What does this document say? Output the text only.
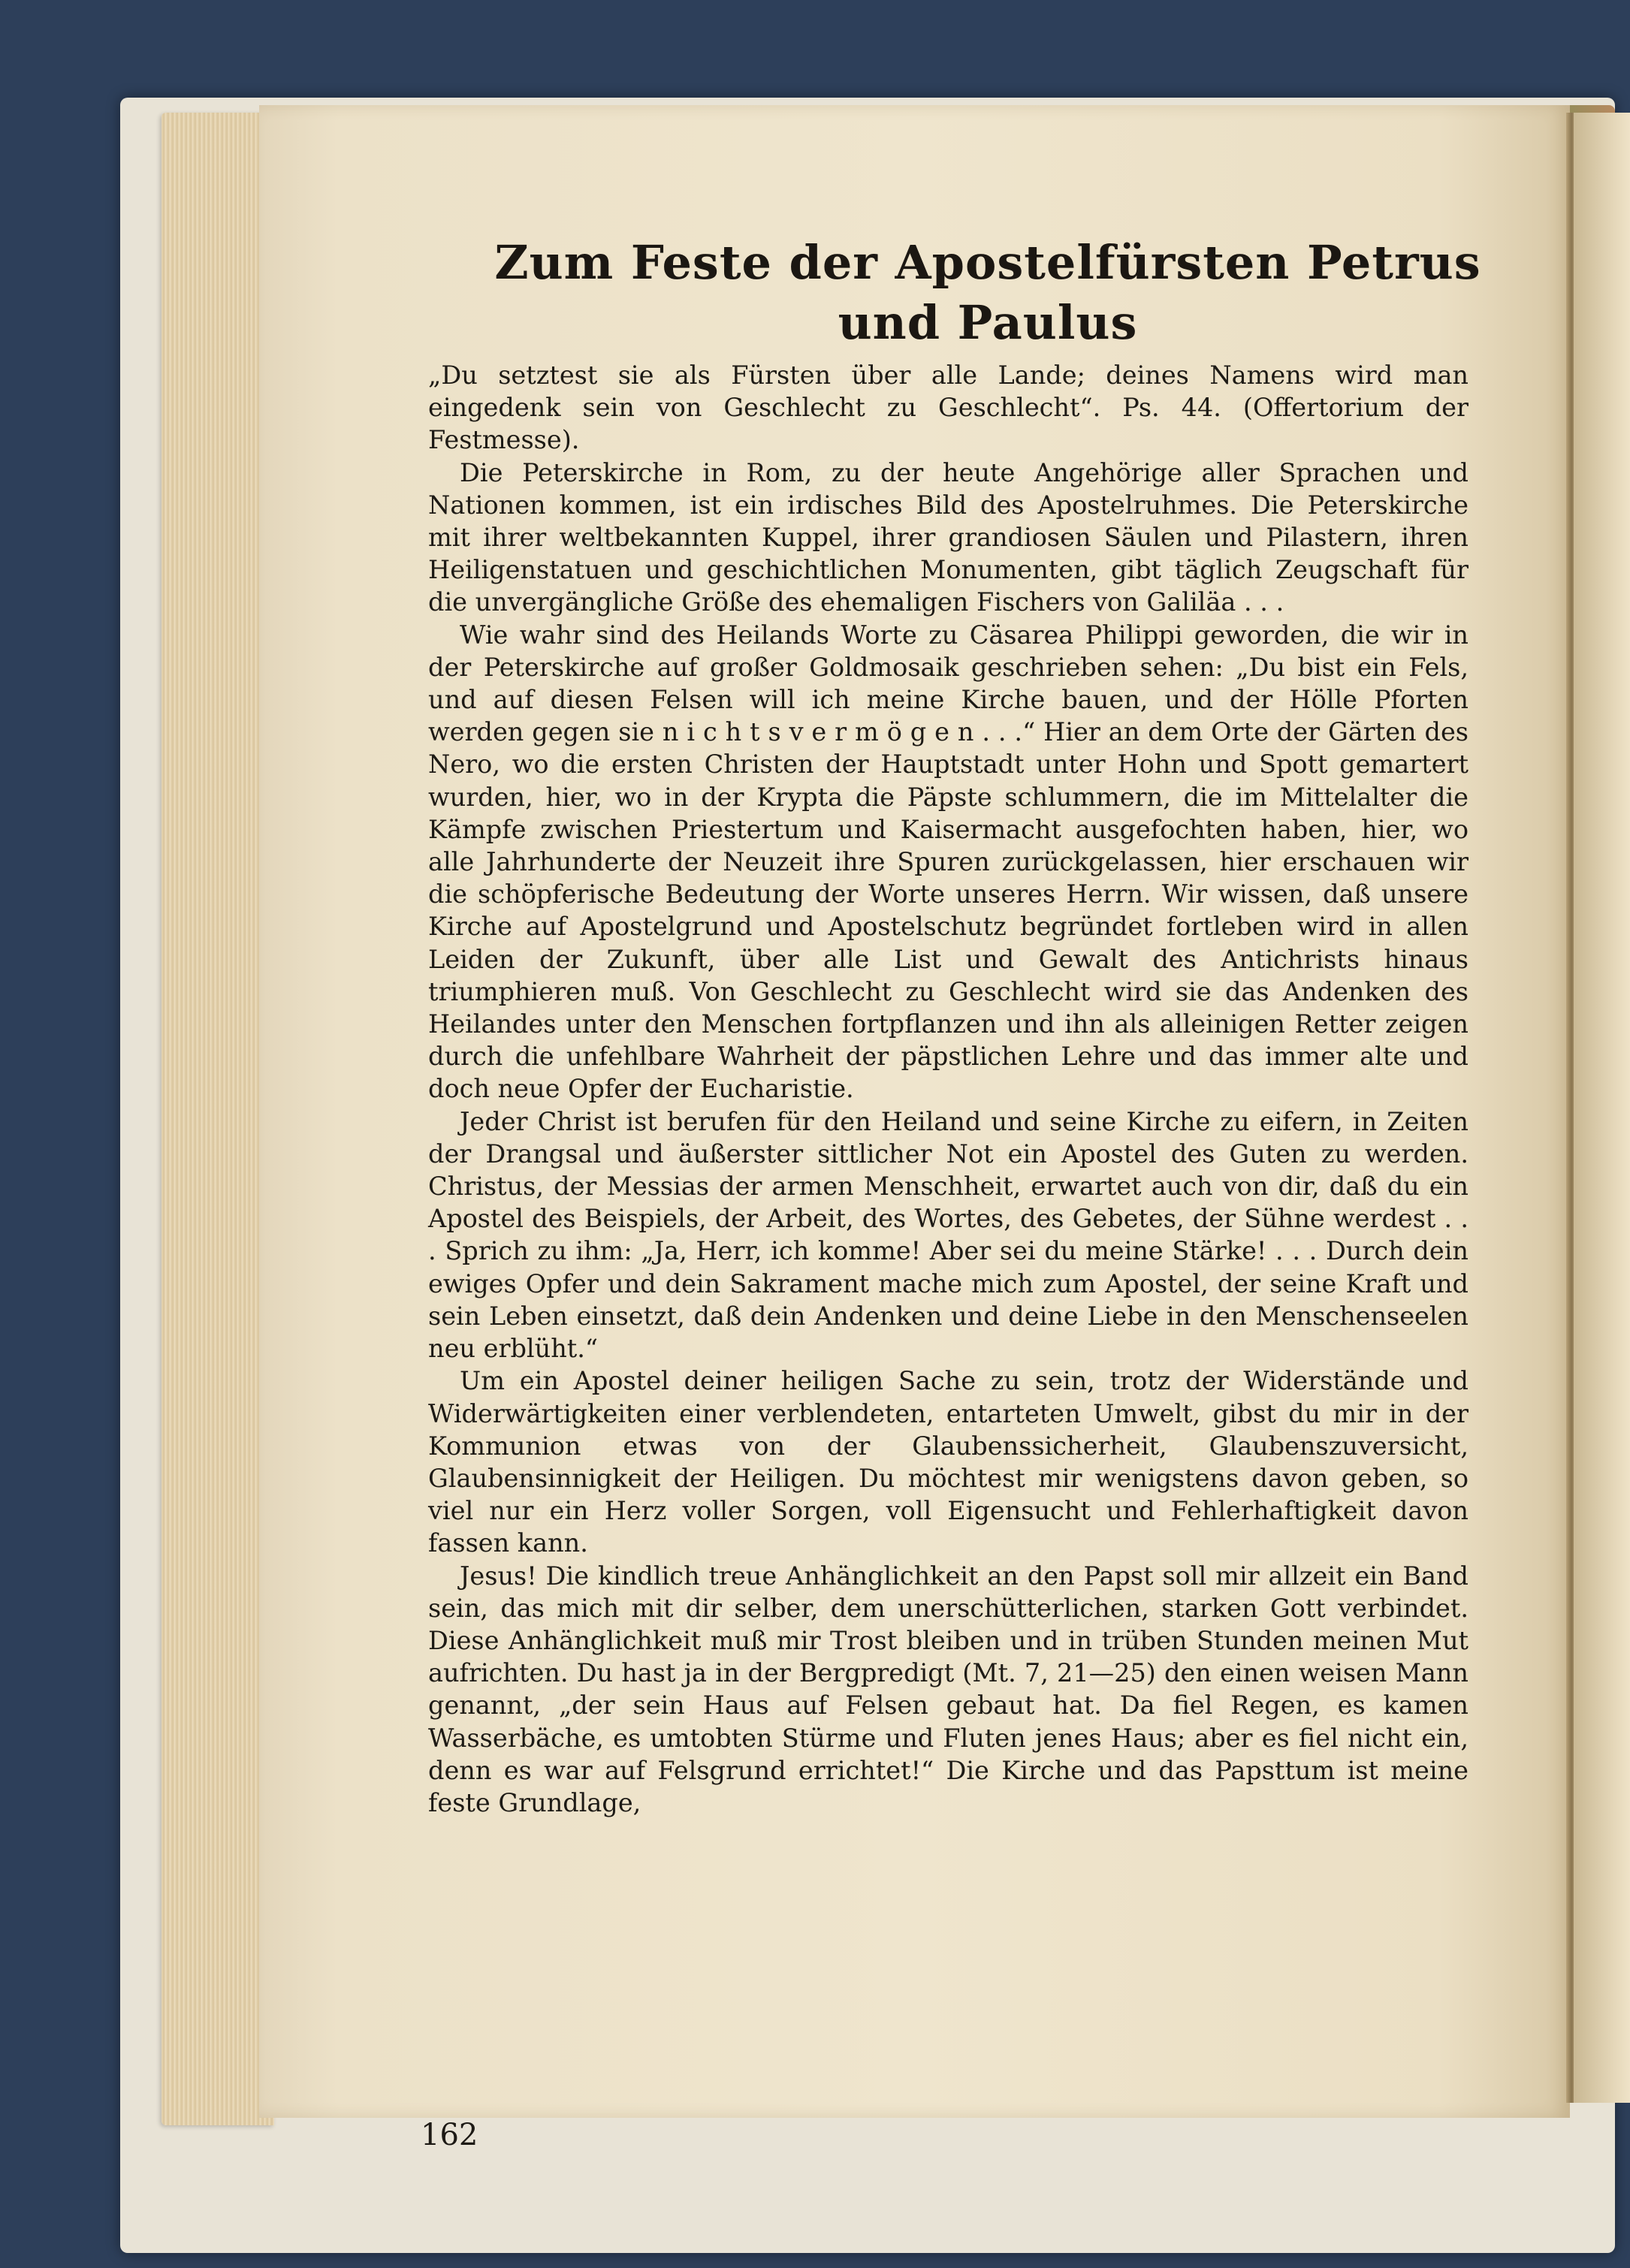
Zum Feste der Apostelfürsten Petrus
und Paulus

„Du setztest sie als Fürsten über alle Lande; deines Namens wird man eingedenk sein von Geschlecht zu Geschlecht“. Ps. 44. (Offertorium der Festmesse).

Die Peterskirche in Rom, zu der heute Angehörige aller Sprachen und Nationen kommen, ist ein irdisches Bild des Apostelruhmes. Die Peterskirche mit ihrer weltbekannten Kuppel, ihrer grandiosen Säulen und Pilastern, ihren Heiligenstatuen und geschichtlichen Monumenten, gibt täglich Zeugschaft für die unvergängliche Größe des ehemaligen Fischers von Galiläa . . .

Wie wahr sind des Heilands Worte zu Cäsarea Philippi geworden, die wir in der Peterskirche auf großer Goldmosaik geschrieben sehen: „Du bist ein Fels, und auf diesen Felsen will ich meine Kirche bauen, und der Hölle Pforten werden gegen sie n i c h t s v e r m ö g e n . . .“ Hier an dem Orte der Gärten des Nero, wo die ersten Christen der Hauptstadt unter Hohn und Spott gemartert wurden, hier, wo in der Krypta die Päpste schlummern, die im Mittelalter die Kämpfe zwischen Priestertum und Kaisermacht ausgefochten haben, hier, wo alle Jahrhunderte der Neuzeit ihre Spuren zurückgelassen, hier erschauen wir die schöpferische Bedeutung der Worte unseres Herrn. Wir wissen, daß unsere Kirche auf Apostelgrund und Apostelschutz begründet fortleben wird in allen Leiden der Zukunft, über alle List und Gewalt des Antichrists hinaus triumphieren muß. Von Geschlecht zu Geschlecht wird sie das Andenken des Heilandes unter den Menschen fortpflanzen und ihn als alleinigen Retter zeigen durch die unfehlbare Wahrheit der päpstlichen Lehre und das immer alte und doch neue Opfer der Eucharistie.

Jeder Christ ist berufen für den Heiland und seine Kirche zu eifern, in Zeiten der Drangsal und äußerster sittlicher Not ein Apostel des Guten zu werden. Christus, der Messias der armen Menschheit, erwartet auch von dir, daß du ein Apostel des Beispiels, der Arbeit, des Wortes, des Gebetes, der Sühne werdest . . . Sprich zu ihm: „Ja, Herr, ich komme! Aber sei du meine Stärke! . . . Durch dein ewiges Opfer und dein Sakrament mache mich zum Apostel, der seine Kraft und sein Leben einsetzt, daß dein Andenken und deine Liebe in den Menschenseelen neu erblüht.“

Um ein Apostel deiner heiligen Sache zu sein, trotz der Widerstände und Widerwärtigkeiten einer verblendeten, entarteten Umwelt, gibst du mir in der Kommunion etwas von der Glaubenssicherheit, Glaubenszuversicht, Glaubensinnigkeit der Heiligen. Du möchtest mir wenigstens davon geben, so viel nur ein Herz voller Sorgen, voll Eigensucht und Fehlerhaftigkeit davon fassen kann.

Jesus! Die kindlich treue Anhänglichkeit an den Papst soll mir allzeit ein Band sein, das mich mit dir selber, dem unerschütterlichen, starken Gott verbindet. Diese Anhänglichkeit muß mir Trost bleiben und in trüben Stunden meinen Mut aufrichten. Du hast ja in der Bergpredigt (Mt. 7, 21—25) den einen weisen Mann genannt, „der sein Haus auf Felsen gebaut hat. Da fiel Regen, es kamen Wasserbäche, es umtobten Stürme und Fluten jenes Haus; aber es fiel nicht ein, denn es war auf Felsgrund errichtet!“ Die Kirche und das Papsttum ist meine feste Grundlage,

162
